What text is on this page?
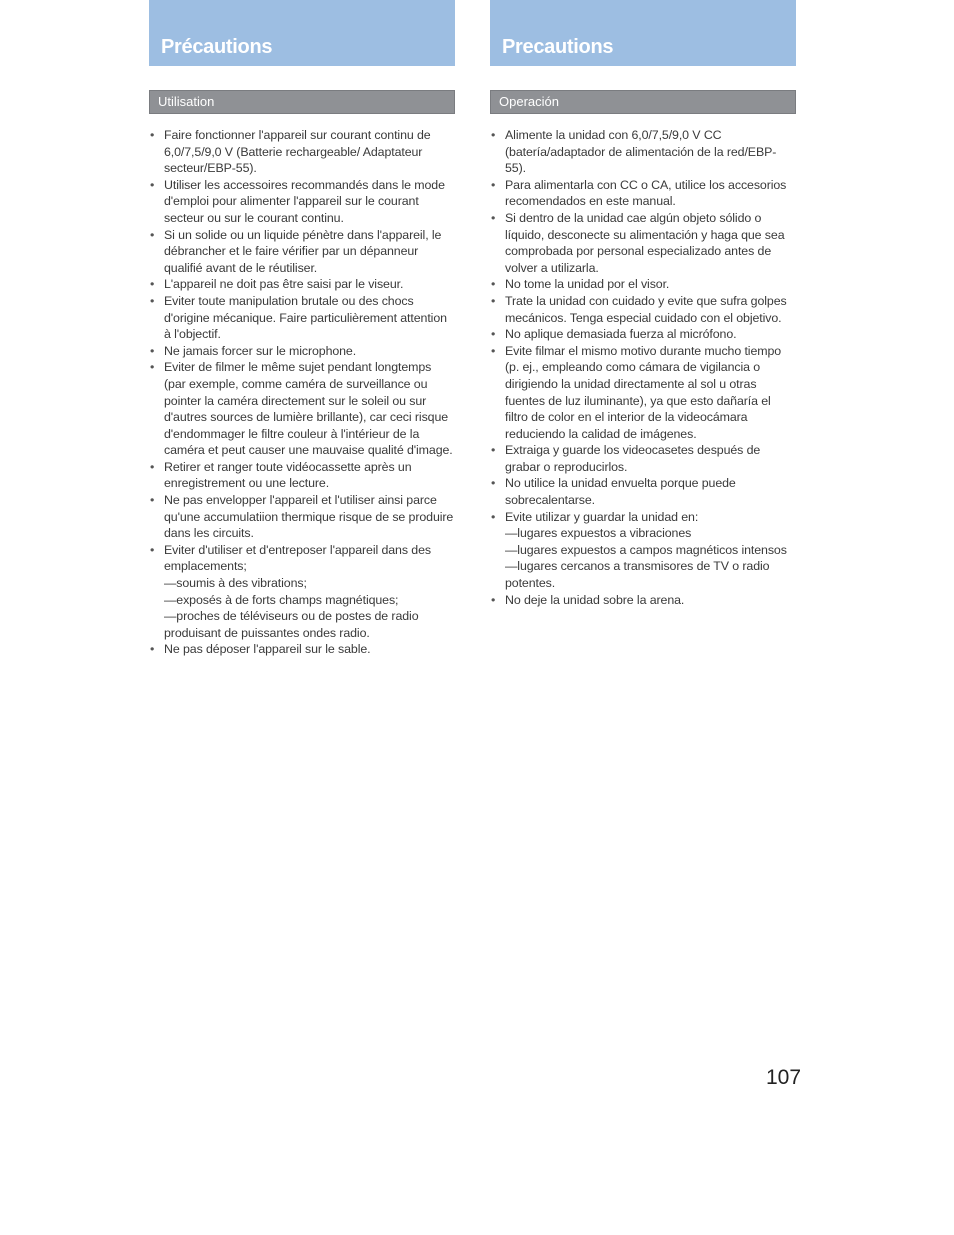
Précautions
Utilisation
• Faire fonctionner l'appareil sur courant continu de 6,0/7,5/9,0 V (Batterie rechargeable/ Adaptateur secteur/EBP-55).
• Utiliser les accessoires recommandés dans le mode d'emploi pour alimenter l'appareil sur le courant secteur ou sur le courant continu.
• Si un solide ou un liquide pénètre dans l'appareil, le débrancher et le faire vérifier par un dépanneur qualifié avant de le réutiliser.
• L'appareil ne doit pas être saisi par le viseur.
• Eviter toute manipulation brutale ou des chocs d'origine mécanique. Faire particulièrement attention à l'objectif.
• Ne jamais forcer sur le microphone.
• Eviter de filmer le même sujet pendant longtemps (par exemple, comme caméra de surveillance ou pointer la caméra directement sur le soleil ou sur d'autres sources de lumière brillante), car ceci risque d'endommager le filtre couleur à l'intérieur de la caméra et peut causer une mauvaise qualité d'image.
• Retirer et ranger toute vidéocassette après un enregistrement ou une lecture.
• Ne pas envelopper l'appareil et l'utiliser ainsi parce qu'une accumulatiion thermique risque de se produire dans les circuits.
• Eviter d'utiliser et d'entreposer l'appareil dans des emplacements;
—soumis à des vibrations;
—exposés à de forts champs magnétiques;
—proches de téléviseurs ou de postes de radio produisant de puissantes ondes radio.
• Ne pas déposer l'appareil sur le sable.
Precautions
Operación
• Alimente la unidad con 6,0/7,5/9,0 V CC (batería/adaptador de alimentación de la red/EBP-55).
• Para alimentarla con CC o CA, utilice los accesorios recomendados en este manual.
• Si dentro de la unidad cae algún objeto sólido o líquido, desconecte su alimentación y haga que sea comprobada por personal especializado antes de volver a utilizarla.
• No tome la unidad por el visor.
• Trate la unidad con cuidado y evite que sufra golpes mecánicos. Tenga especial cuidado con el objetivo.
• No aplique demasiada fuerza al micrófono.
• Evite filmar el mismo motivo durante mucho tiempo (p. ej., empleando como cámara de vigilancia o dirigiendo la unidad directamente al sol u otras fuentes de luz iluminante), ya que esto dañaría el filtro de color en el interior de la videocámara reduciendo la calidad de imágenes.
• Extraiga y guarde los videocasetes después de grabar o reproducirlos.
• No utilice la unidad envuelta porque puede sobrecalentarse.
• Evite utilizar y guardar la unidad en:
—lugares expuestos a vibraciones
—lugares expuestos a campos magnéticos intensos
—lugares cercanos a transmisores de TV o radio potentes.
• No deje la unidad sobre la arena.
107
